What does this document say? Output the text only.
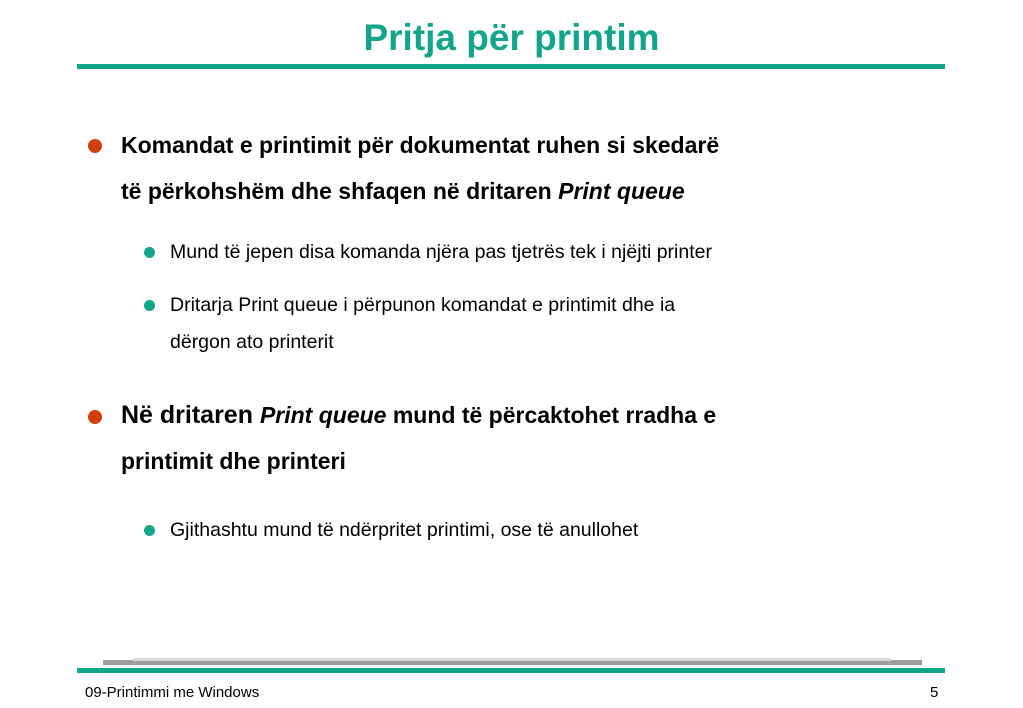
Pritja për printim
Komandat e printimit për dokumentat ruhen si skedarë
të përkohshëm dhe shfaqen në dritaren Print queue
Mund të jepen disa komanda njëra pas tjetrës tek i njëjti printer
Dritarja Print queue i përpunon komandat e printimit dhe ia
dërgon ato printerit
Në dritaren Print queue mund të përcaktohet rradha e
printimit dhe printeri
Gjithashtu mund të ndërpritet printimi, ose të anullohet
09-Printimmi me Windows	5
